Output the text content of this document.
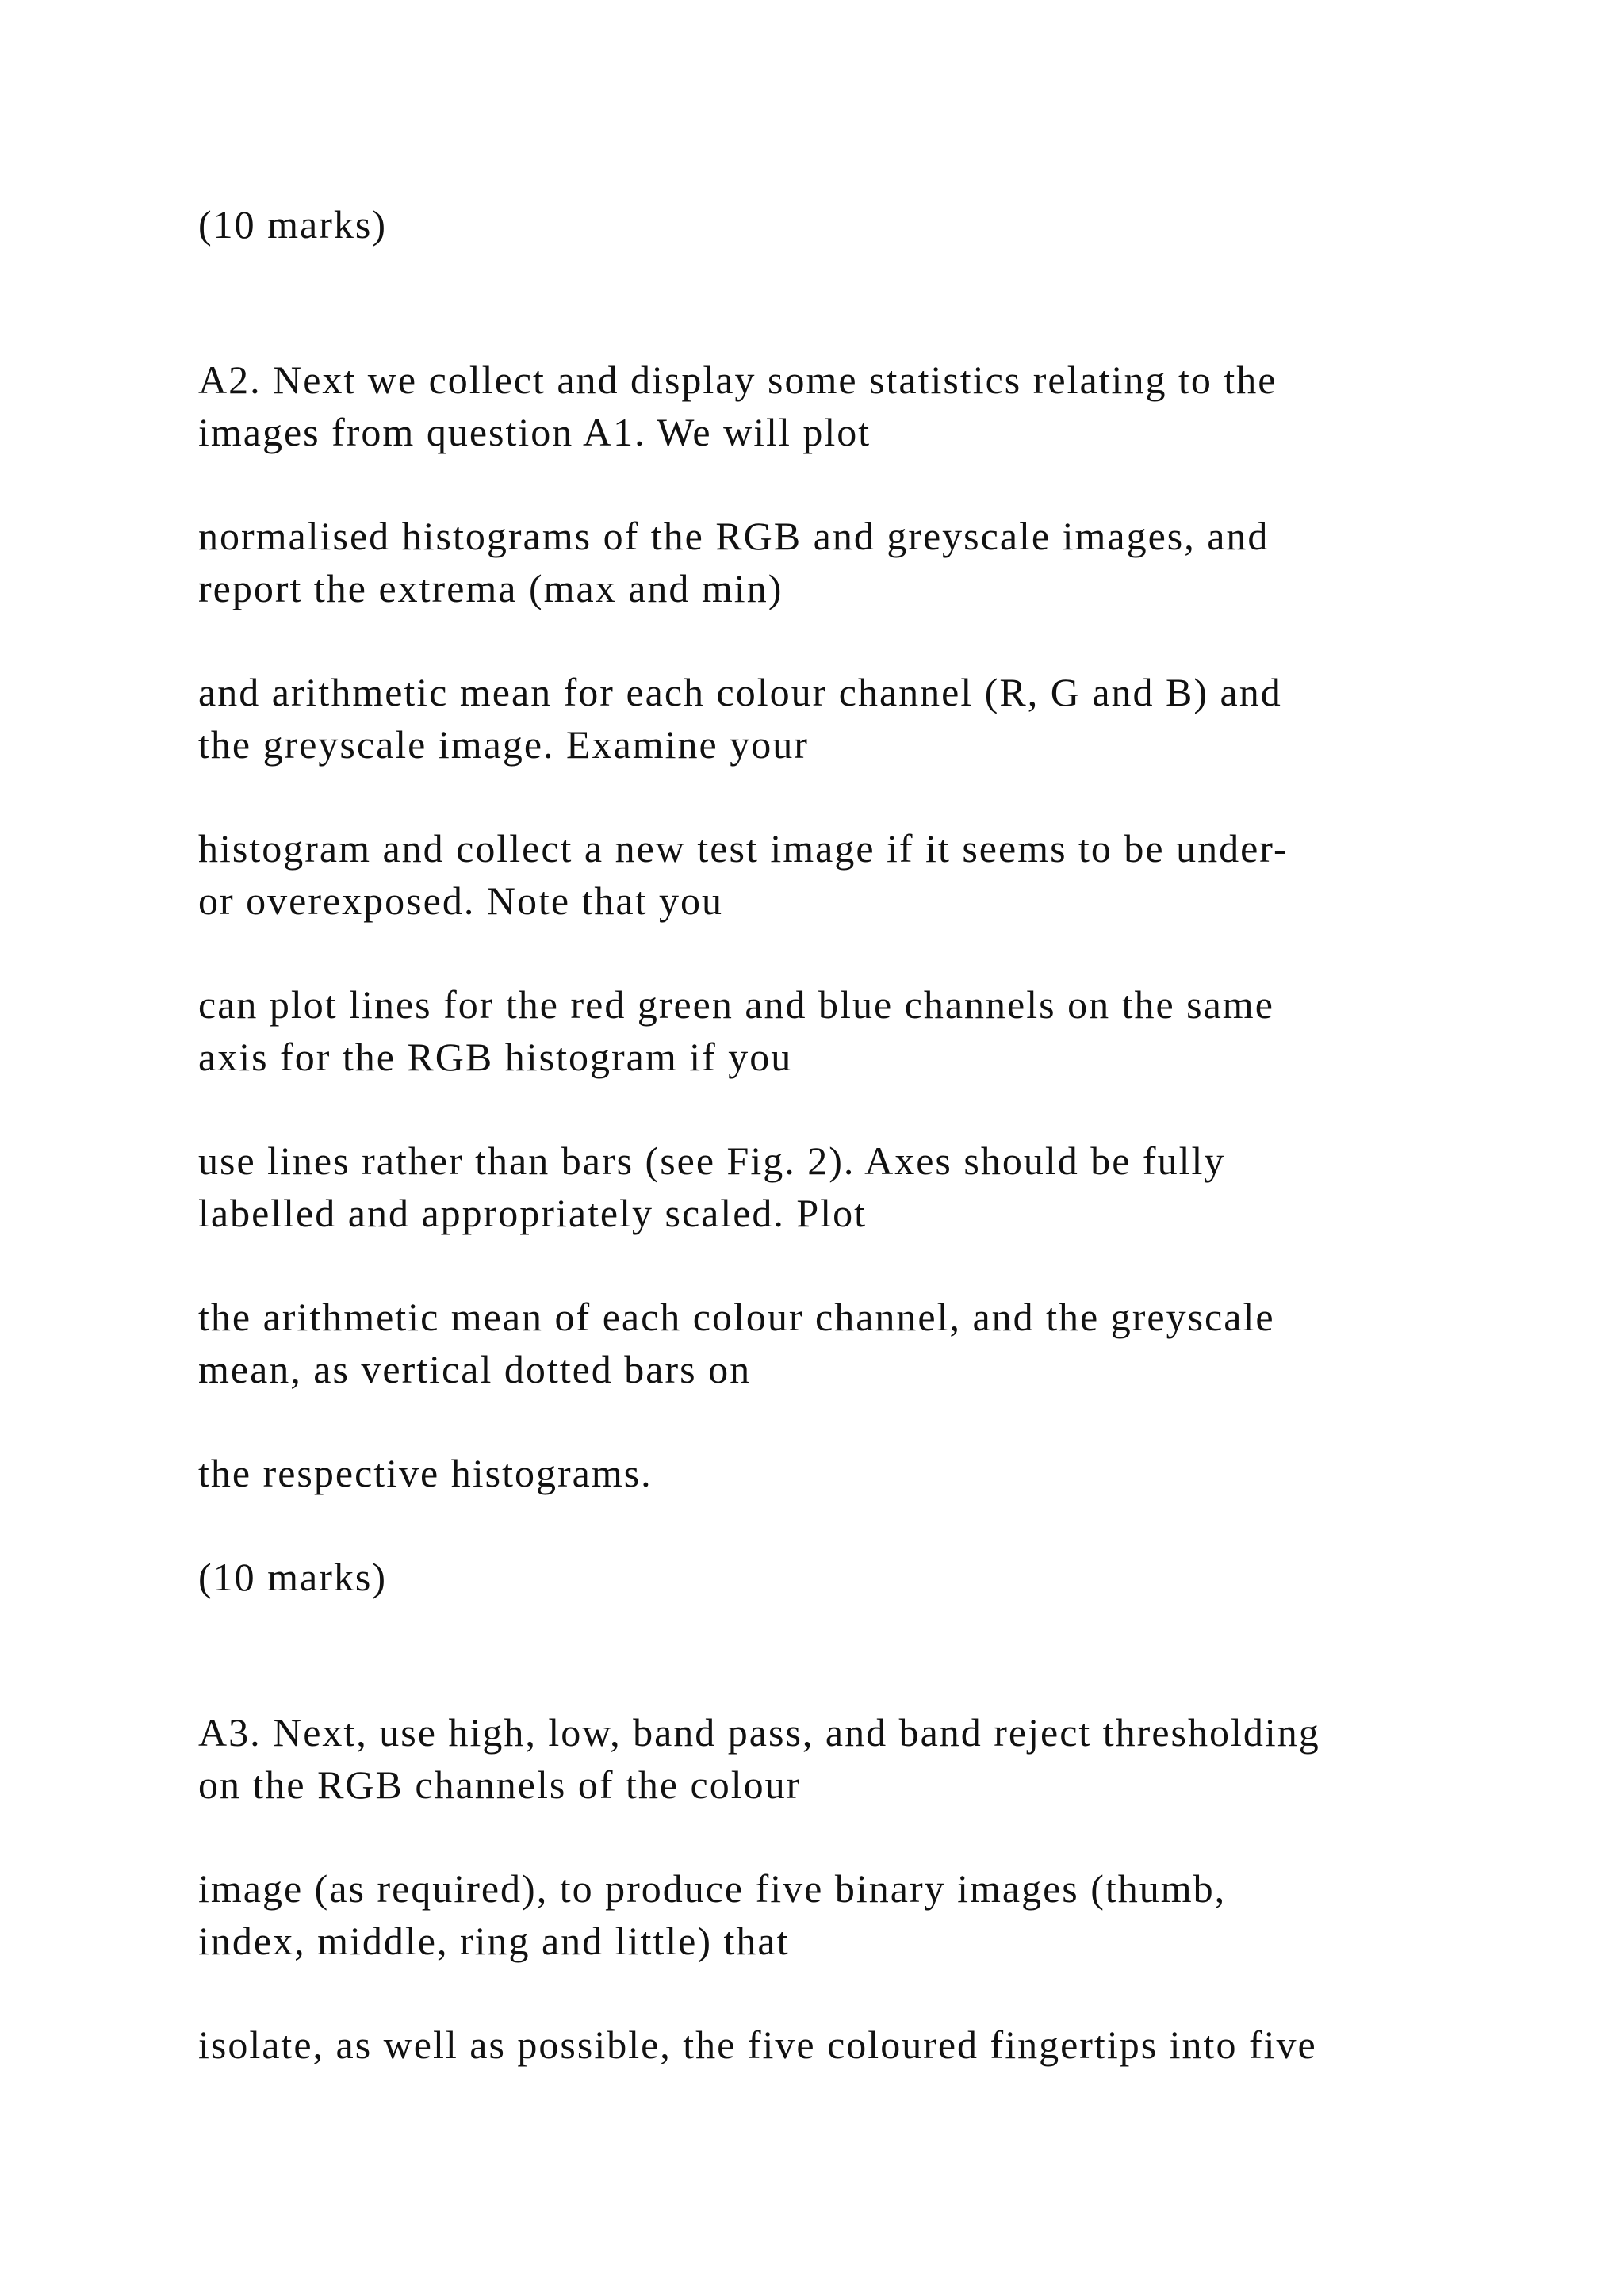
(10 marks)

A2. Next we collect and display some statistics relating to the
images from question A1. We will plot

normalised histograms of the RGB and greyscale images, and
report the extrema (max and min)

and arithmetic mean for each colour channel (R, G and B) and
the greyscale image. Examine your

histogram and collect a new test image if it seems to be under-
or overexposed. Note that you

can plot lines for the red green and blue channels on the same
axis for the RGB histogram if you

use lines rather than bars (see Fig. 2). Axes should be fully
labelled and appropriately scaled. Plot

the arithmetic mean of each colour channel, and the greyscale
mean, as vertical dotted bars on

the respective histograms.

(10 marks)

A3. Next, use high, low, band pass, and band reject thresholding
on the RGB channels of the colour

image (as required), to produce five binary images (thumb,
index, middle, ring and little) that

isolate, as well as possible, the five coloured fingertips into five
